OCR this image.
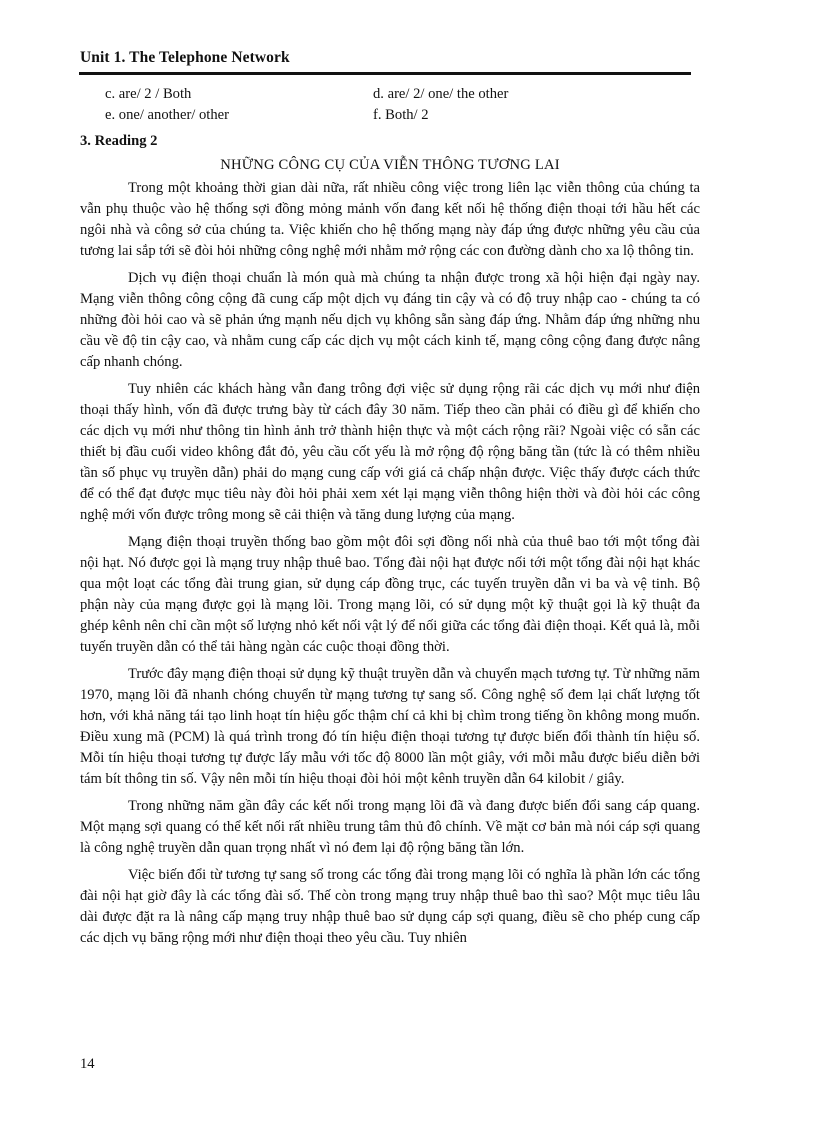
Unit 1. The Telephone Network
c. are/ 2 / Both	d. are/ 2/ one/ the other
e. one/ another/ other	f. Both/ 2
3. Reading 2
NHỮNG CÔNG CỤ CỦA VIỄN THÔNG TƯƠNG LAI

Trong một khoảng thời gian dài nữa, rất nhiều công việc trong liên lạc viễn thông của chúng ta vẫn phụ thuộc vào hệ thống sợi đồng mỏng mảnh vốn đang kết nối hệ thống điện thoại tới hầu hết các ngôi nhà và công sở của chúng ta. Việc khiến cho hệ thống mạng này đáp ứng được những yêu cầu của tương lai sắp tới sẽ đòi hỏi những công nghệ mới nhằm mở rộng các con đường dành cho xa lộ thông tin.

Dịch vụ điện thoại chuẩn là món quà mà chúng ta nhận được trong xã hội hiện đại ngày nay. Mạng viễn thông công cộng đã cung cấp một dịch vụ đáng tin cậy và có độ truy nhập cao - chúng ta có những đòi hỏi cao và sẽ phản ứng mạnh nếu dịch vụ không sẵn sàng đáp ứng. Nhằm đáp ứng những nhu cầu về độ tin cậy cao, và nhằm cung cấp các dịch vụ một cách kinh tế, mạng công cộng đang được nâng cấp nhanh chóng.

Tuy nhiên các khách hàng vẫn đang trông đợi việc sử dụng rộng rãi các dịch vụ mới như điện thoại thấy hình, vốn đã được trưng bày từ cách đây 30 năm. Tiếp theo cần phải có điều gì để khiến cho các dịch vụ mới như thông tin hình ảnh trở thành hiện thực và một cách rộng rãi? Ngoài việc có sẵn các thiết bị đầu cuối video không đắt đỏ, yêu cầu cốt yếu là mở rộng độ rộng băng tần (tức là có thêm nhiều tần số phục vụ truyền dẫn) phải do mạng cung cấp với giá cả chấp nhận được. Việc thấy được cách thức để có thể đạt được mục tiêu này đòi hỏi phải xem xét lại mạng viễn thông hiện thời và đòi hỏi các công nghệ mới vốn được trông mong sẽ cải thiện và tăng dung lượng của mạng.

Mạng điện thoại truyền thống bao gồm một đôi sợi đồng nối nhà của thuê bao tới một tổng đài nội hạt. Nó được gọi là mạng truy nhập thuê bao. Tổng đài nội hạt được nối tới một tổng đài nội hạt khác qua một loạt các tổng đài trung gian, sử dụng cáp đồng trục, các tuyến truyền dẫn vi ba và vệ tinh. Bộ phận này của mạng được gọi là mạng lõi. Trong mạng lõi, có sử dụng một kỹ thuật gọi là kỹ thuật đa ghép kênh nên chỉ cần một số lượng nhỏ kết nối vật lý để nối giữa các tổng đài điện thoại. Kết quả là, mỗi tuyến truyền dẫn có thể tải hàng ngàn các cuộc thoại đồng thời.

Trước đây mạng điện thoại sử dụng kỹ thuật truyền dẫn và chuyển mạch tương tự. Từ những năm 1970, mạng lõi đã nhanh chóng chuyển từ mạng tương tự sang số. Công nghệ số đem lại chất lượng tốt hơn, với khả năng tái tạo linh hoạt tín hiệu gốc thậm chí cả khi bị chìm trong tiếng ồn không mong muốn. Điều xung mã (PCM) là quá trình trong đó tín hiệu điện thoại tương tự được biến đổi thành tín hiệu số. Mỗi tín hiệu thoại tương tự được lấy mẫu với tốc độ 8000 lần một giây, với mỗi mẫu được biểu diễn bởi tám bít thông tin số. Vậy nên mỗi tín hiệu thoại đòi hỏi một kênh truyền dẫn 64 kilobit / giây.

Trong những năm gần đây các kết nối trong mạng lõi đã và đang được biến đổi sang cáp quang. Một mạng sợi quang có thể kết nối rất nhiều trung tâm thủ đô chính. Về mặt cơ bản mà nói cáp sợi quang là công nghệ truyền dẫn quan trọng nhất vì nó đem lại độ rộng băng tần lớn.

Việc biến đổi từ tương tự sang số trong các tổng đài trong mạng lõi có nghĩa là phần lớn các tổng đài nội hạt giờ đây là các tổng đài số. Thế còn trong mạng truy nhập thuê bao thì sao? Một mục tiêu lâu dài được đặt ra là nâng cấp mạng truy nhập thuê bao sử dụng cáp sợi quang, điều sẽ cho phép cung cấp các dịch vụ băng rộng mới như điện thoại theo yêu cầu. Tuy nhiên

14
